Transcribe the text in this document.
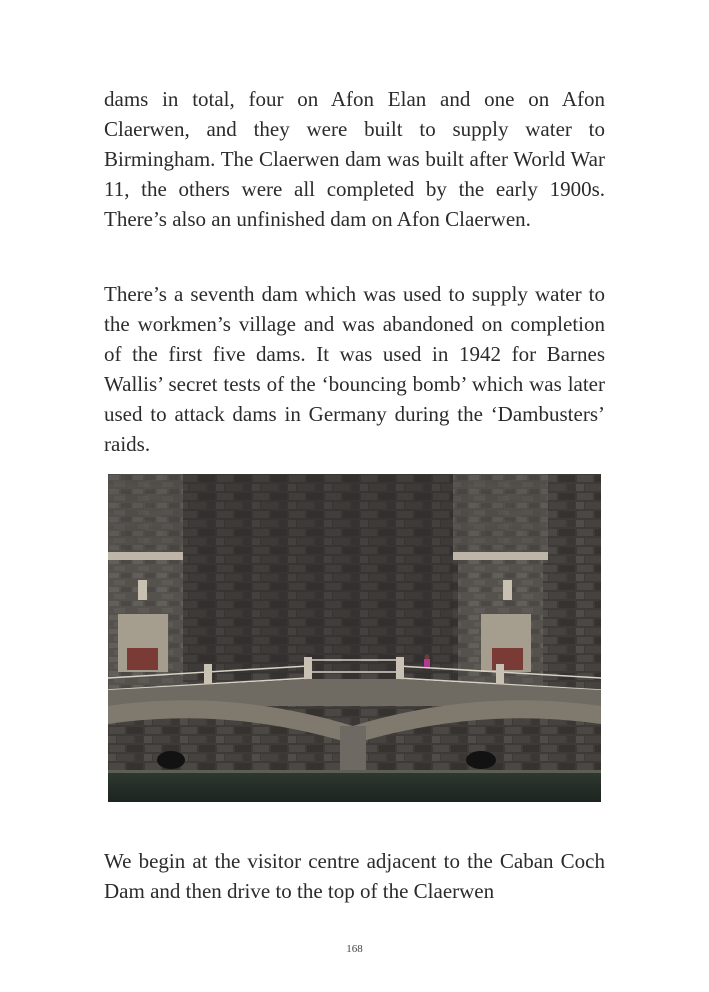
dams in total, four on Afon Elan and one on Afon Claerwen, and they were built to supply water to Birmingham. The Claerwen dam was built after World War 11, the others were all completed by the early 1900s. There’s also an unfinished dam on Afon Claerwen.

There’s a seventh dam which was used to supply water to the workmen’s village and was abandoned on completion of the first five dams. It was used in 1942 for Barnes Wallis’ secret tests of the ‘bouncing bomb’ which was later used to attack dams in Germany during the ‘Dambusters’ raids.

We begin at the visitor centre adjacent to the Caban Coch Dam and then drive to the top of the Claerwen

168
